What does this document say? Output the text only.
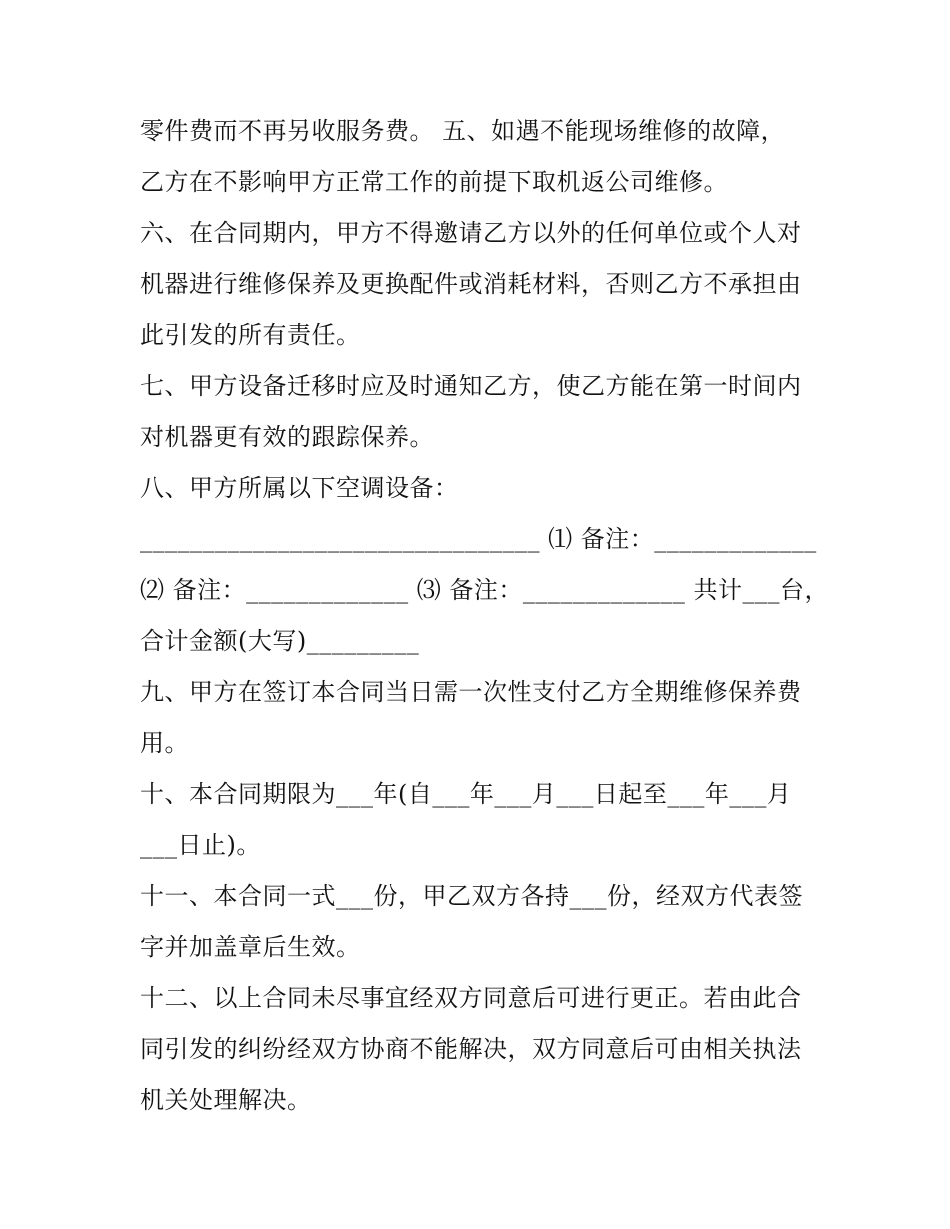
零件费而不再另收服务费。 五、如遇不能现场维修的故障，
乙方在不影响甲方正常工作的前提下取机返公司维修。
六、在合同期内，甲方不得邀请乙方以外的任何单位或个人对
机器进行维修保养及更换配件或消耗材料，否则乙方不承担由
此引发的所有责任。
七、甲方设备迁移时应及时通知乙方，使乙方能在第一时间内
对机器更有效的跟踪保养。
八、甲方所属以下空调设备：
________________________________ ⑴ 备注：_____________
⑵ 备注：_____________ ⑶ 备注：_____________ 共计___台，
合计金额(大写)_________
九、甲方在签订本合同当日需一次性支付乙方全期维修保养费
用。
十、本合同期限为___年(自___年___月___日起至___年___月
___日止)。
十一、本合同一式___份，甲乙双方各持___份，经双方代表签
字并加盖章后生效。
十二、以上合同未尽事宜经双方同意后可进行更正。若由此合
同引发的纠纷经双方协商不能解决，双方同意后可由相关执法
机关处理解决。
